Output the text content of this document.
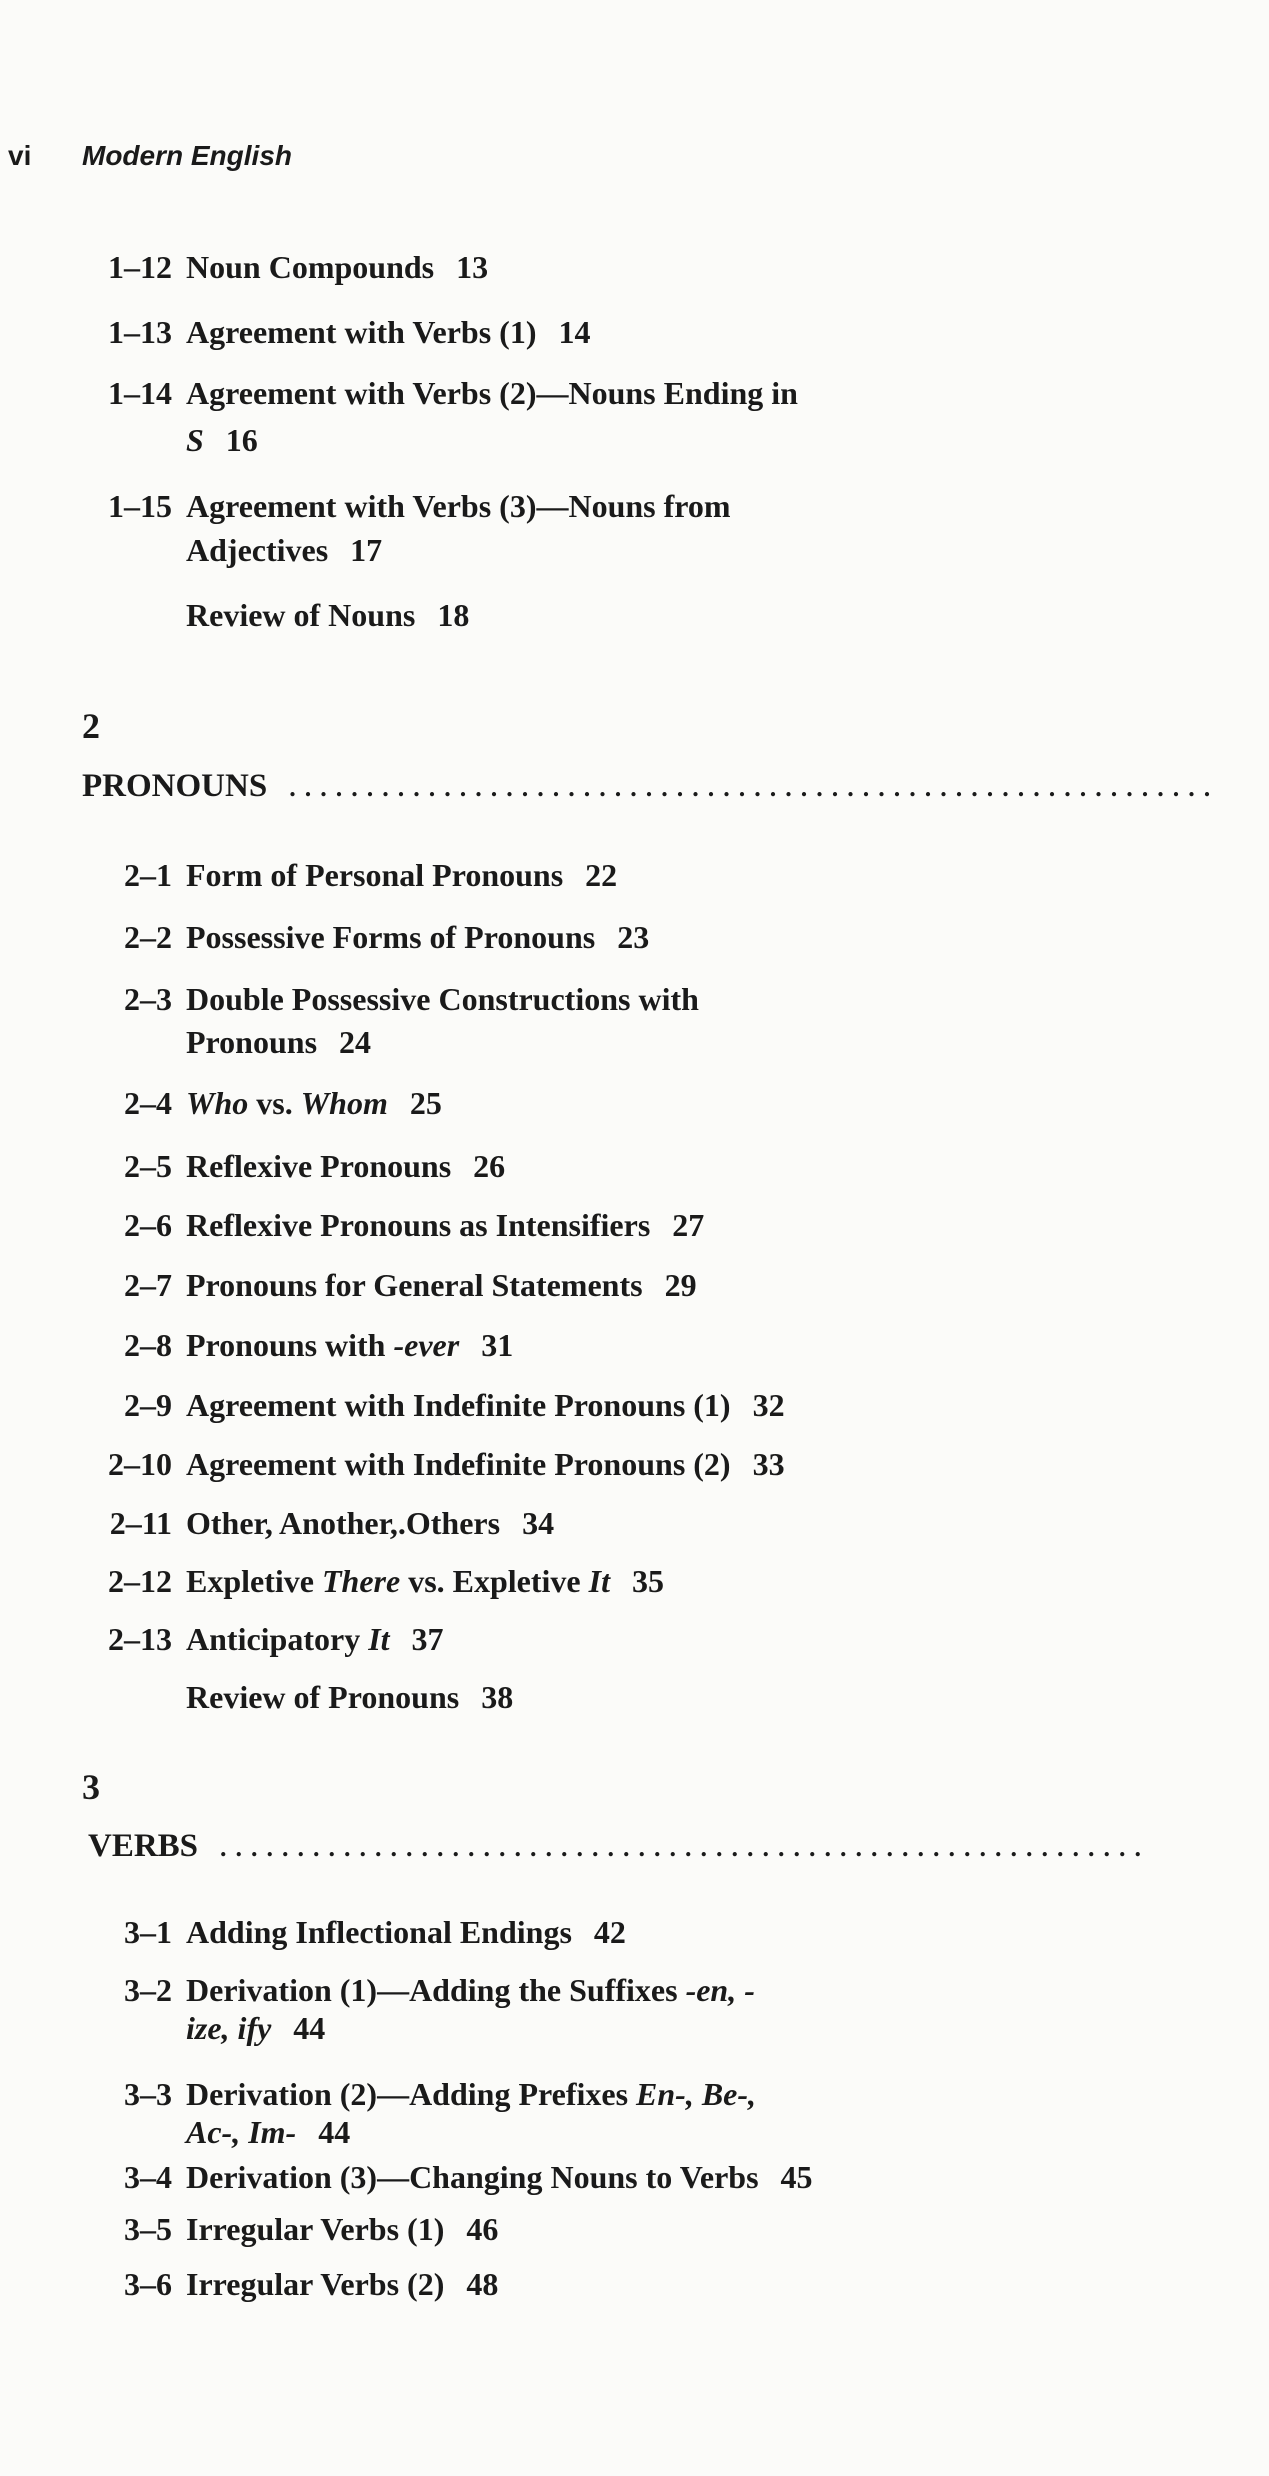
vi Modern English
1–12 Noun Compounds 13
1–13 Agreement with Verbs (1) 14
1–14 Agreement with Verbs (2)—Nouns Ending in S 16
1–15 Agreement with Verbs (3)—Nouns from Adjectives 17
Review of Nouns 18
2
PRONOUNS ............................................................
2–1 Form of Personal Pronouns 22
2–2 Possessive Forms of Pronouns 23
2–3 Double Possessive Constructions with Pronouns 24
2–4 Who vs. Whom 25
2–5 Reflexive Pronouns 26
2–6 Reflexive Pronouns as Intensifiers 27
2–7 Pronouns for General Statements 29
2–8 Pronouns with -ever 31
2–9 Agreement with Indefinite Pronouns (1) 32
2–10 Agreement with Indefinite Pronouns (2) 33
2–11 Other, Another,.Others 34
2–12 Expletive There vs. Expletive It 35
2–13 Anticipatory It 37
Review of Pronouns 38
3
VERBS ............................................................
3–1 Adding Inflectional Endings 42
3–2 Derivation (1)—Adding the Suffixes -en, -ize, ify 44
3–3 Derivation (2)—Adding Prefixes En-, Be-, Ac-, Im- 44
3–4 Derivation (3)—Changing Nouns to Verbs 45
3–5 Irregular Verbs (1) 46
3–6 Irregular Verbs (2) 48
